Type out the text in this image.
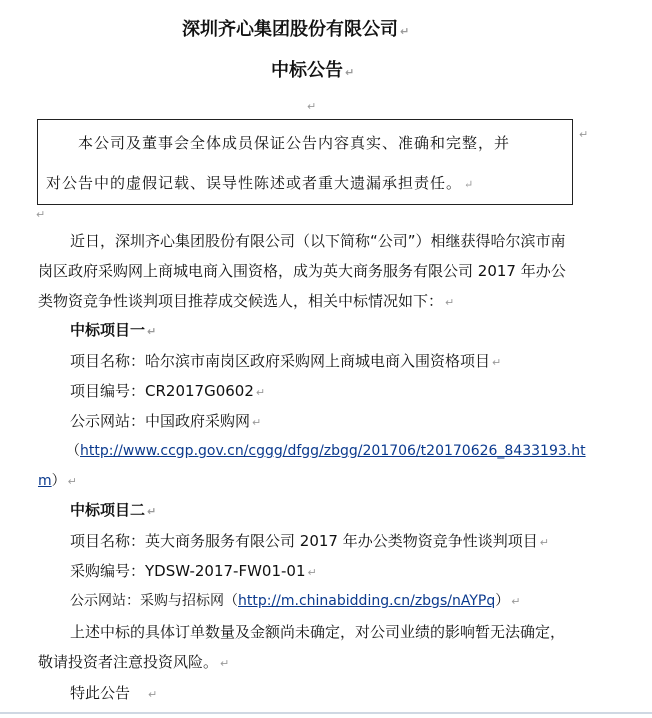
深圳齐心集团股份有限公司 ↵
中标公告 ↵
↵
本公司及董事会全体成员保证公告内容真实、准确和完整，并	↵
对公告中的虚假记载、误导性陈述或者重大遗漏承担责任。 ↵
↵
近日，深圳齐心集团股份有限公司（以下简称“公司”）相继获得哈尔滨市南
岗区政府采购网上商城电商入围资格，成为英大商务服务有限公司 2017 年办公
类物资竞争性谈判项目推荐成交候选人，相关中标情况如下： ↵
中标项目一 ↵
项目名称：哈尔滨市南岗区政府采购网上商城电商入围资格项目 ↵
项目编号：CR2017G0602 ↵
公示网站：中国政府采购网 ↵
（http://www.ccgp.gov.cn/cggg/dfgg/zbgg/201706/t20170626_8433193.ht
m） ↵
中标项目二 ↵
项目名称：英大商务服务有限公司 2017 年办公类物资竞争性谈判项目 ↵
采购编号：YDSW-2017-FW01-01 ↵
公示网站：采购与招标网（http://m.chinabidding.cn/zbgs/nAYPq） ↵
上述中标的具体订单数量及金额尚未确定，对公司业绩的影响暂无法确定，
敬请投资者注意投资风险。 ↵
特此公告 ↵
